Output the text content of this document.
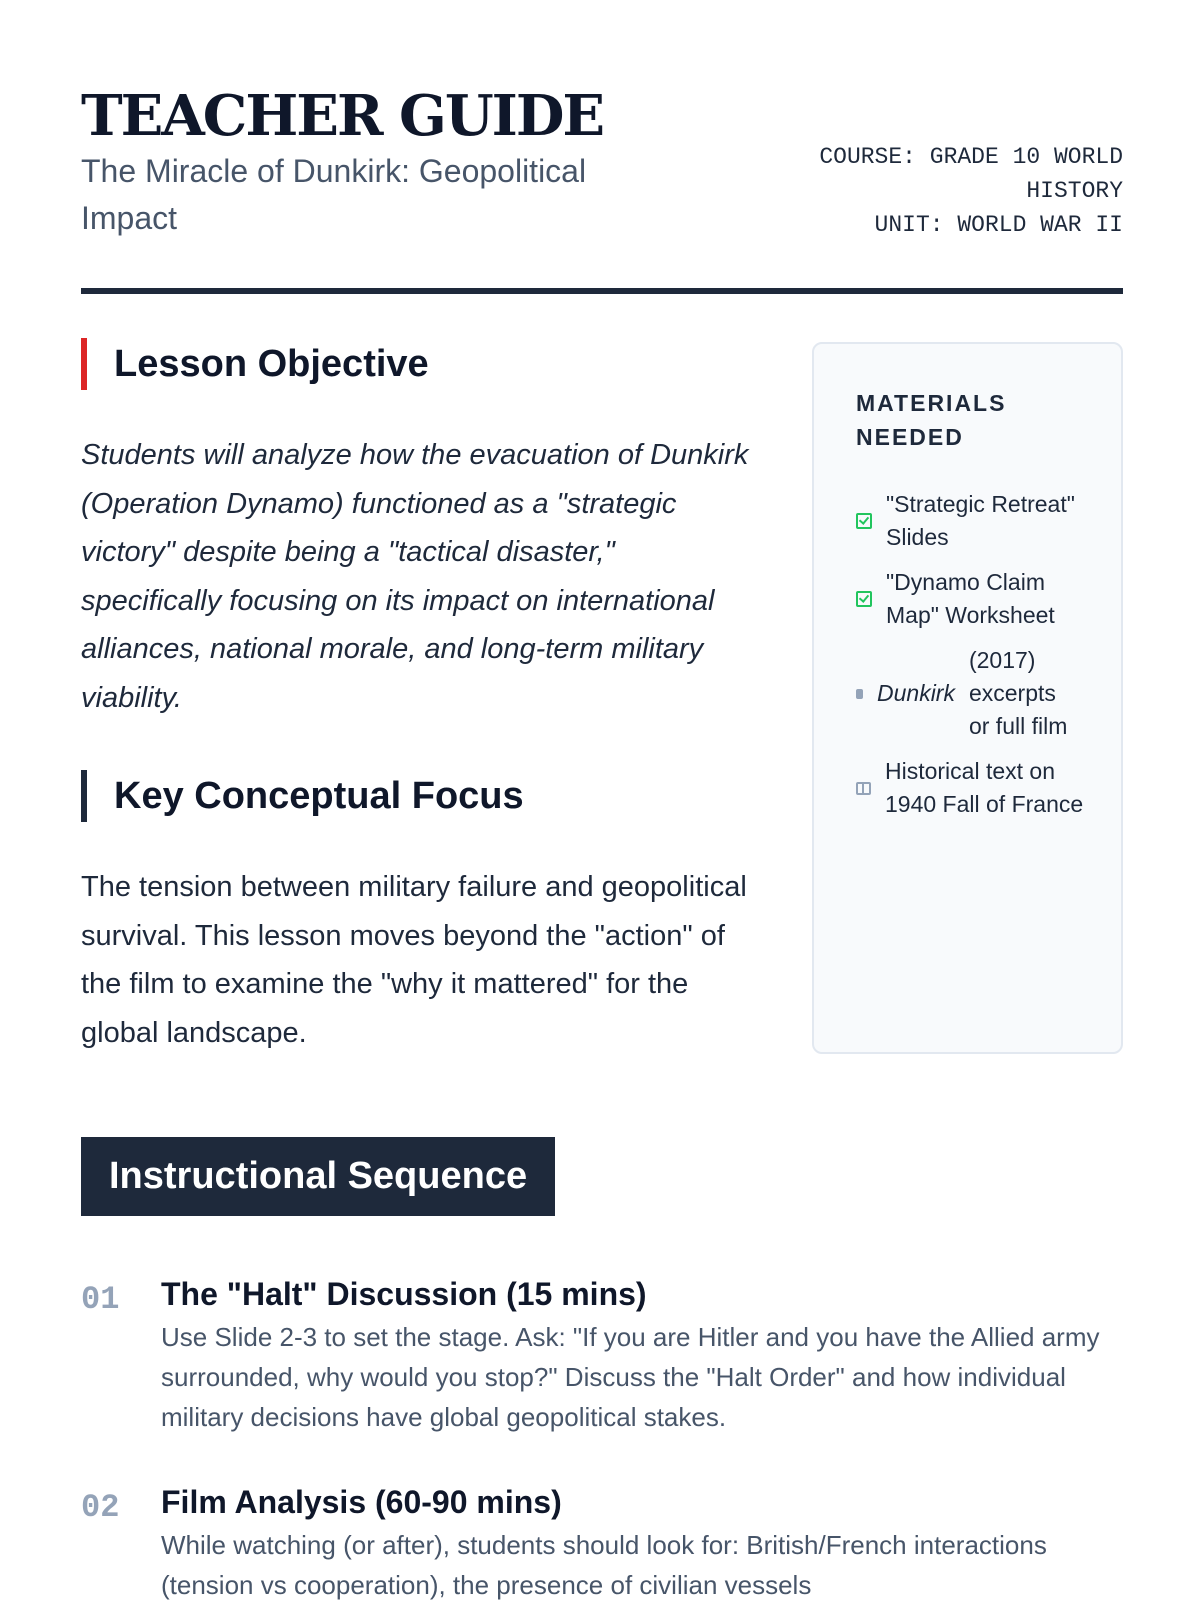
TEACHER GUIDE
The Miracle of Dunkirk: Geopolitical Impact
COURSE: GRADE 10 WORLD HISTORY
UNIT: WORLD WAR II
Lesson Objective

Students will analyze how the evacuation of Dunkirk (Operation Dynamo) functioned as a "strategic victory" despite being a "tactical disaster," specifically focusing on its impact on international alliances, national morale, and long-term military viability.

Key Conceptual Focus

The tension between military failure and geopolitical survival. This lesson moves beyond the "action" of the film to examine the "why it mattered" for the global landscape.

MATERIALS NEEDED
"Strategic Retreat" Slides
"Dynamo Claim Map" Worksheet
Dunkirk
(2017) excerpts or full film
Historical text on 1940 Fall of France
Instructional Sequence
01 The "Halt" Discussion (15 mins)

Use Slide 2-3 to set the stage. Ask: "If you are Hitler and you have the Allied army surrounded, why would you stop?" Discuss the "Halt Order" and how individual military decisions have global geopolitical stakes.

02 Film Analysis (60-90 mins)

While watching (or after), students should look for: British/French interactions (tension vs cooperation), the presence of civilian vessels
